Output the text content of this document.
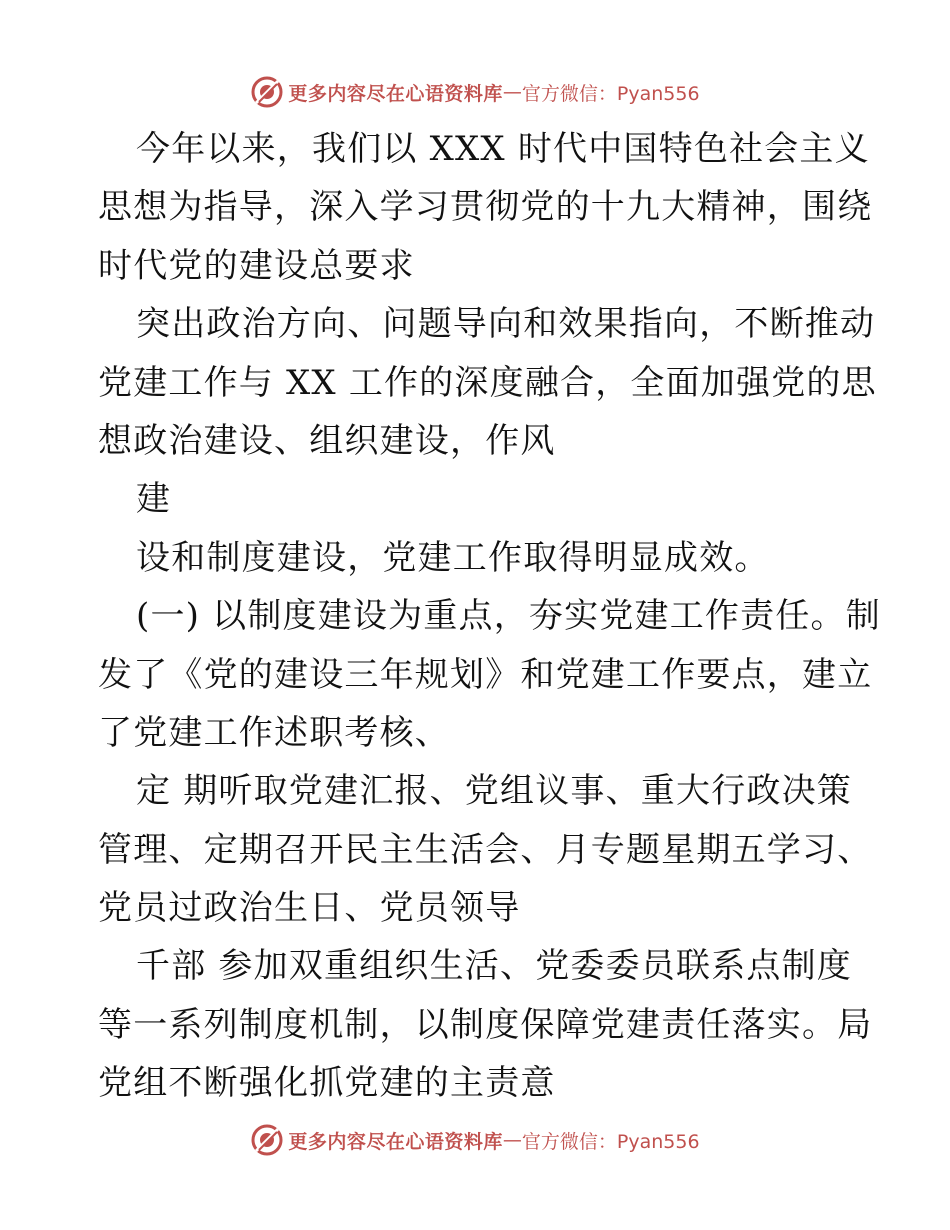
更多内容尽在心语资料库 — 官方微信：Pyan556
今年以来，我们以 XXX 时代中国特色社会主义
思想为指导，深入学习贯彻党的十九大精神，围绕
时代党的建设总要求
突出政治方向、问题导向和效果指向，不断推动
党建工作与 XX 工作的深度融合，全面加强党的思
想政治建设、组织建设，作风
建
设和制度建设，党建工作取得明显成效。
(一) 以制度建设为重点，夯实党建工作责任。制
发了《党的建设三年规划》和党建工作要点，建立
了党建工作述职考核、
定 期听取党建汇报、党组议事、重大行政决策
管理、定期召开民主生活会、月专题星期五学习、
党员过政治生日、党员领导
千部 参加双重组织生活、党委委员联系点制度
等一系列制度机制，以制度保障党建责任落实。局
党组不断强化抓党建的主责意
更多内容尽在心语资料库 — 官方微信：Pyan556
